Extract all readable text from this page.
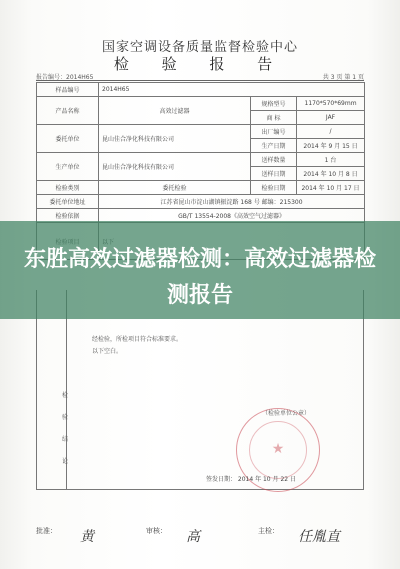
国家空调设备质量监督检验中心
检 验 报 告
报告编号：2014H65	共 3 页 第 1 页
样品编号	2014H65		
产品名称	高效过滤器	规格型号	1170*570*69mm
		商 标	JAF
委托单位	昆山佳合净化科技有限公司	出厂编号	/
		生产日期	2014 年 9 月 15 日
生产单位	昆山佳合净化科技有限公司	送样数量	1 台
		送样日期	2014 年 10 月 8 日
检验类别	委托检验	检验日期	2014 年 10 月 17 日
委托单位地址	江苏省昆山市淀山湖镇振淀路 168 号 邮编：215300		
检验依据	GB/T 13554-2008《高效空气过滤器》		

检
验
结
论
经检验，所检项目符合标准要求。
以下空白。
★
（检验单位公章）
签发日期： 2014 年 10 月 22 日
批准： 黄	审核： 高	主检： 任胤直
东胜高效过滤器检测：高效过滤器检测报告
